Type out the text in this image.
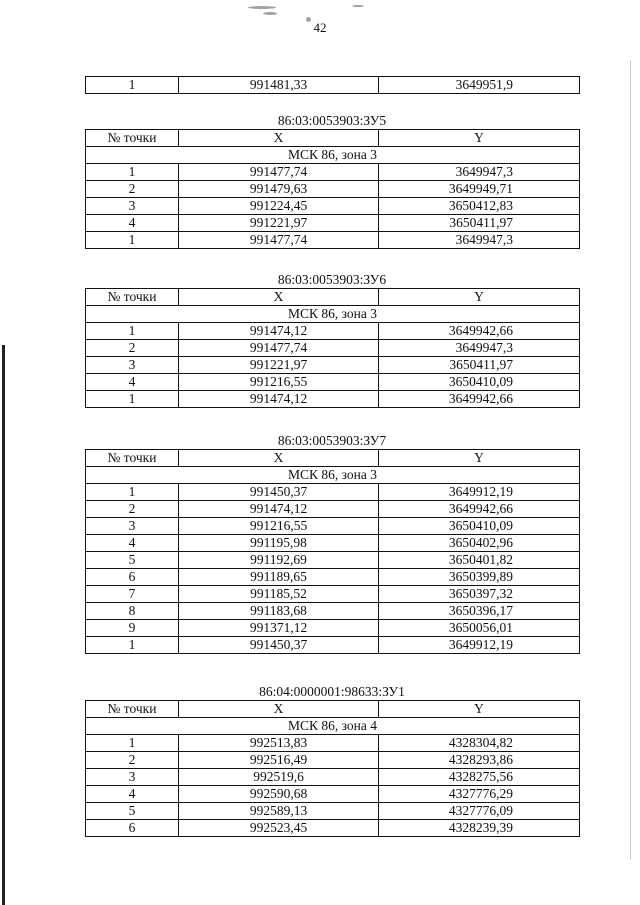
42
1	991481,33	3649951,9
86:03:0053903:ЗУ5
№ точки	X	Y
МСК 86, зона 3		
1	991477,74	3649947,3
2	991479,63	3649949,71
3	991224,45	3650412,83
4	991221,97	3650411,97
1	991477,74	3649947,3
86:03:0053903:ЗУ6
№ точки	X	Y
МСК 86, зона 3		
1	991474,12	3649942,66
2	991477,74	3649947,3
3	991221,97	3650411,97
4	991216,55	3650410,09
1	991474,12	3649942,66
86:03:0053903:ЗУ7
№ точки	X	Y
МСК 86, зона 3		
1	991450,37	3649912,19
2	991474,12	3649942,66
3	991216,55	3650410,09
4	991195,98	3650402,96
5	991192,69	3650401,82
6	991189,65	3650399,89
7	991185,52	3650397,32
8	991183,68	3650396,17
9	991371,12	3650056,01
1	991450,37	3649912,19
86:04:0000001:98633:ЗУ1
№ точки	X	Y
МСК 86, зона 4		
1	992513,83	4328304,82
2	992516,49	4328293,86
3	992519,6	4328275,56
4	992590,68	4327776,29
5	992589,13	4327776,09
6	992523,45	4328239,39
